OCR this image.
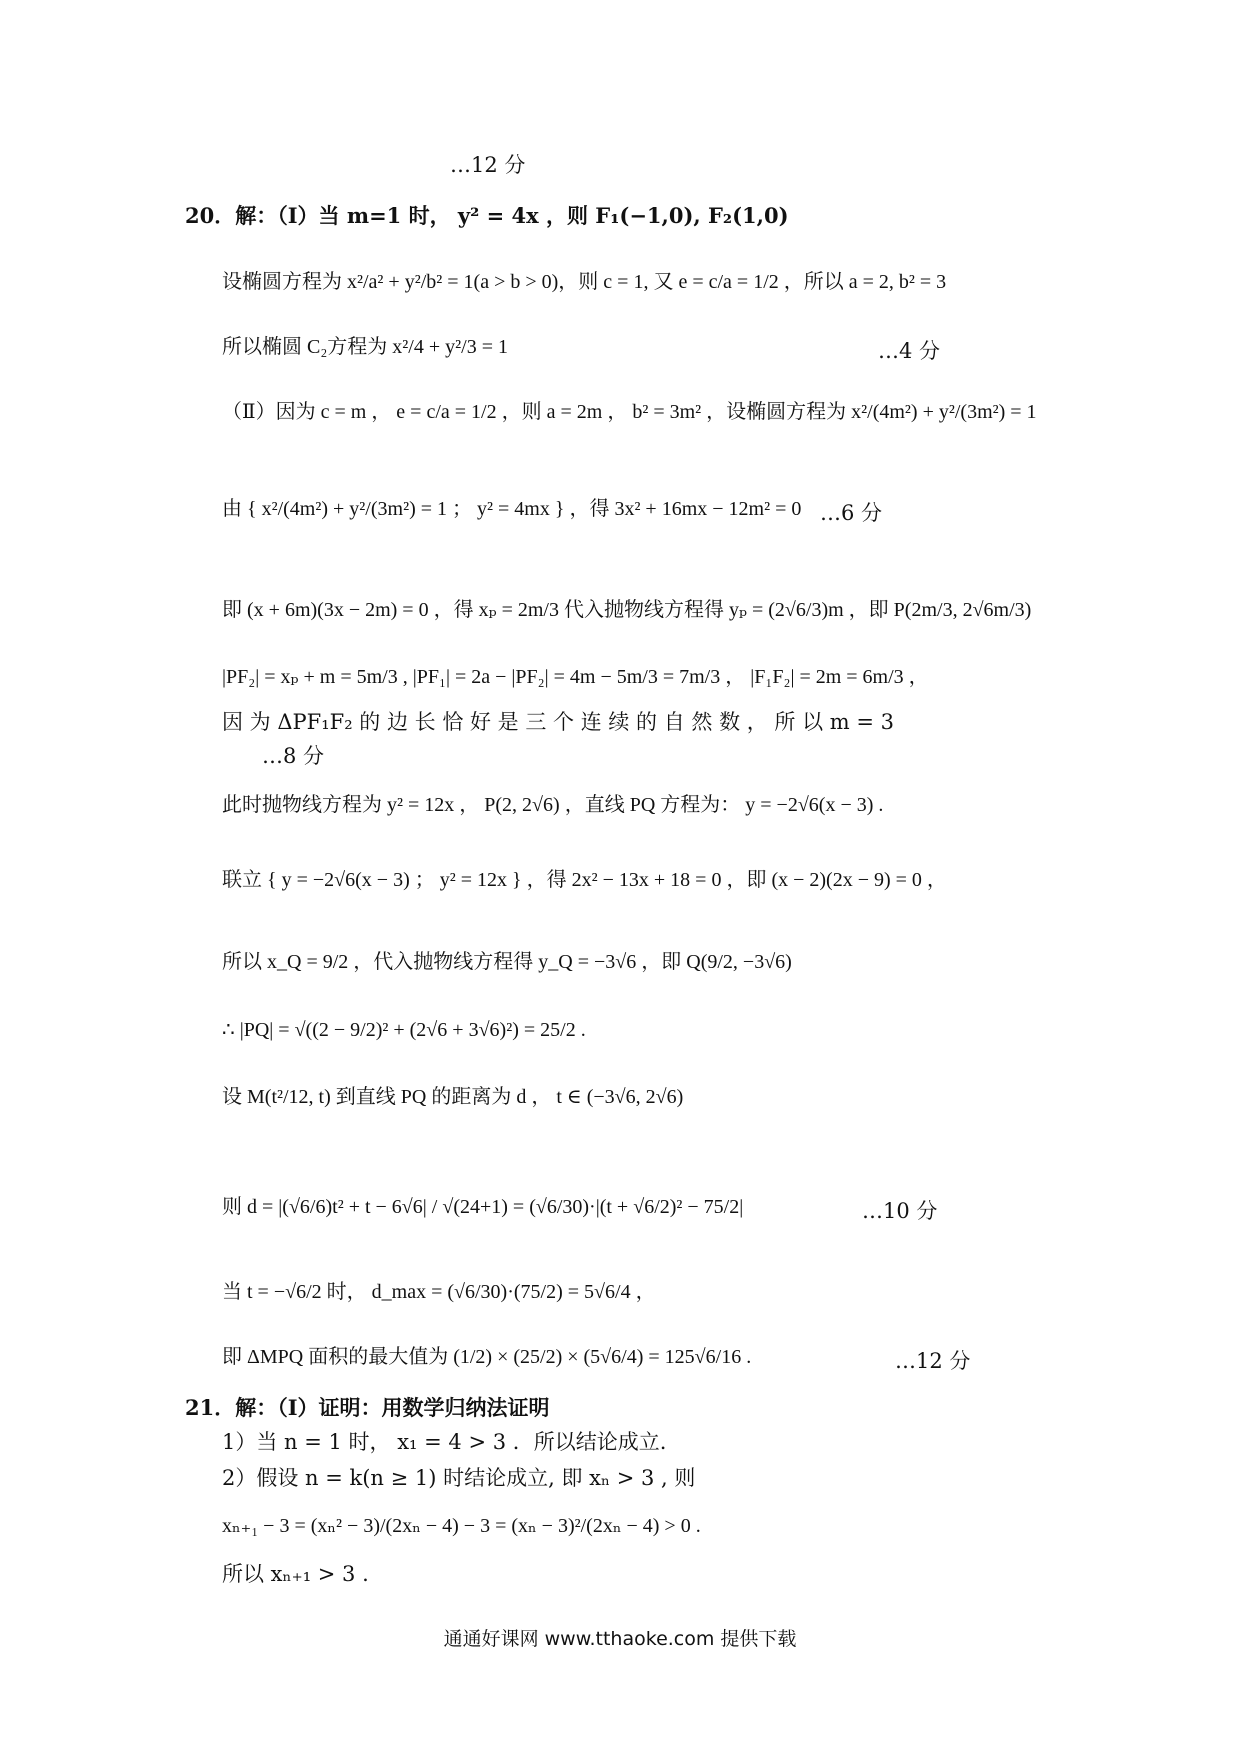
…12 分
20．解：（Ⅰ）当 m=1 时， y² = 4x ，则 F₁(−1,0), F₂(1,0)
设椭圆方程为 x²/a² + y²/b² = 1(a > b > 0)，则 c = 1, 又 e = c/a = 1/2 ，所以 a = 2, b² = 3
所以椭圆 C₂方程为 x²/4 + y²/3 = 1	…4 分
（Ⅱ）因为 c = m ， e = c/a = 1/2 ，则 a = 2m ， b² = 3m² ，设椭圆方程为 x²/(4m²) + y²/(3m²) = 1
由 { x²/(4m²) + y²/(3m²) = 1 ； y² = 4mx } ，得 3x² + 16mx − 12m² = 0 …6 分
即 (x + 6m)(3x − 2m) = 0 ，得 xₚ = 2m/3 代入抛物线方程得 yₚ = (2√6/3)m ，即 P(2m/3, 2√6m/3)
|PF₂| = xₚ + m = 5m/3 , |PF₁| = 2a − |PF₂| = 4m − 5m/3 = 7m/3 ， |F₁F₂| = 2m = 6m/3 ，
因 为 ΔPF₁F₂ 的 边 长 恰 好 是 三 个 连 续 的 自 然 数 ， 所 以 m = 3
…8 分
此时抛物线方程为 y² = 12x ， P(2, 2√6) ，直线 PQ 方程为： y = −2√6(x − 3) .
联立 { y = −2√6(x − 3) ； y² = 12x } ，得 2x² − 13x + 18 = 0 ，即 (x − 2)(2x − 9) = 0 ，
所以 x_Q = 9/2 ，代入抛物线方程得 y_Q = −3√6 ，即 Q(9/2, −3√6)
∴ |PQ| = √((2 − 9/2)² + (2√6 + 3√6)²) = 25/2 .
设 M(t²/12, t) 到直线 PQ 的距离为 d ， t ∈ (−3√6, 2√6)
则 d = |(√6/6)t² + t − 6√6| / √(24+1) = (√6/30)·|(t + √6/2)² − 75/2|	…10 分
当 t = −√6/2 时， d_max = (√6/30)·(75/2) = 5√6/4 ，
即 ΔMPQ 面积的最大值为 (1/2) × (25/2) × (5√6/4) = 125√6/16 .	…12 分
21．解：（Ⅰ）证明：用数学归纳法证明
1）当 n = 1 时， x₁ = 4 > 3 ．所以结论成立.
2）假设 n = k(n ≥ 1) 时结论成立, 即 xₙ > 3 , 则
xₙ₊₁ − 3 = (xₙ² − 3)/(2xₙ − 4) − 3 = (xₙ − 3)²/(2xₙ − 4) > 0 .
所以 xₙ₊₁ > 3 .
通通好课网 www.tthaoke.com 提供下载
